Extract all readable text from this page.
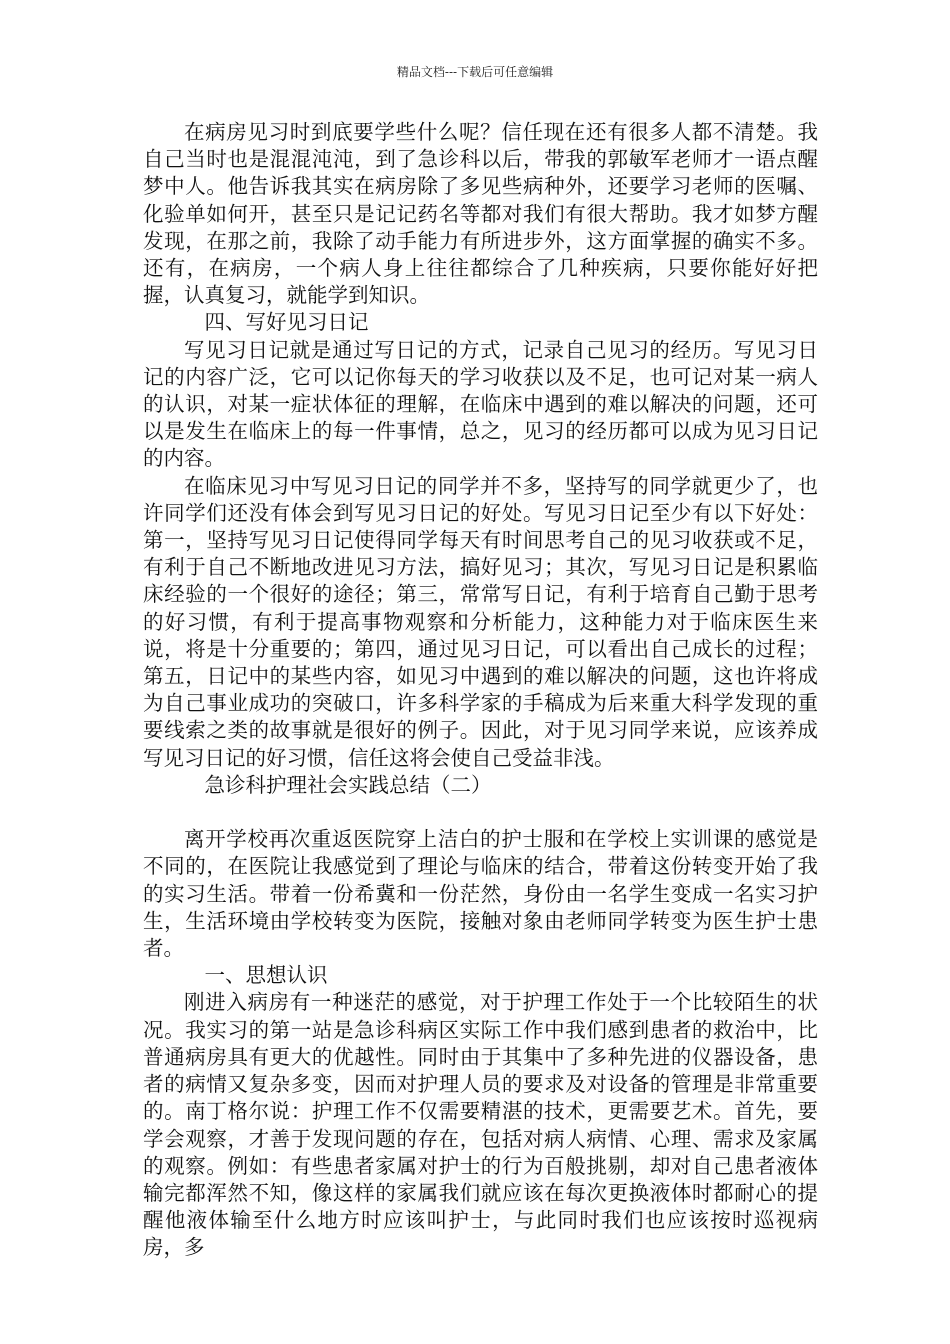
精品文档---下载后可任意编辑

在病房见习时到底要学些什么呢？信任现在还有很多人都不清楚。我自己当时也是混混沌沌，到了急诊科以后，带我的郭敏军老师才一语点醒梦中人。他告诉我其实在病房除了多见些病种外，还要学习老师的医嘱、化验单如何开，甚至只是记记药名等都对我们有很大帮助。我才如梦方醒发现，在那之前，我除了动手能力有所进步外，这方面掌握的确实不多。还有，在病房，一个病人身上往往都综合了几种疾病，只要你能好好把握，认真复习，就能学到知识。

四、写好见习日记

写见习日记就是通过写日记的方式，记录自己见习的经历。写见习日记的内容广泛，它可以记你每天的学习收获以及不足，也可记对某一病人的认识，对某一症状体征的理解，在临床中遇到的难以解决的问题，还可以是发生在临床上的每一件事情，总之，见习的经历都可以成为见习日记的内容。

在临床见习中写见习日记的同学并不多，坚持写的同学就更少了，也许同学们还没有体会到写见习日记的好处。写见习日记至少有以下好处：第一，坚持写见习日记使得同学每天有时间思考自己的见习收获或不足，有利于自己不断地改进见习方法，搞好见习；其次，写见习日记是积累临床经验的一个很好的途径；第三，常常写日记，有利于培育自己勤于思考的好习惯，有利于提高事物观察和分析能力，这种能力对于临床医生来说，将是十分重要的；第四，通过见习日记，可以看出自己成长的过程；第五，日记中的某些内容，如见习中遇到的难以解决的问题，这也许将成为自己事业成功的突破口，许多科学家的手稿成为后来重大科学发现的重要线索之类的故事就是很好的例子。因此，对于见习同学来说，应该养成写见习日记的好习惯，信任这将会使自己受益非浅。

急诊科护理社会实践总结（二）

离开学校再次重返医院穿上洁白的护士服和在学校上实训课的感觉是不同的，在医院让我感觉到了理论与临床的结合，带着这份转变开始了我的实习生活。带着一份希冀和一份茫然，身份由一名学生变成一名实习护生，生活环境由学校转变为医院，接触对象由老师同学转变为医生护士患者。

一、思想认识

刚进入病房有一种迷茫的感觉，对于护理工作处于一个比较陌生的状况。我实习的第一站是急诊科病区实际工作中我们感到患者的救治中，比普通病房具有更大的优越性。同时由于其集中了多种先进的仪器设备，患者的病情又复杂多变，因而对护理人员的要求及对设备的管理是非常重要的。南丁格尔说：护理工作不仅需要精湛的技术，更需要艺术。首先，要学会观察，才善于发现问题的存在，包括对病人病情、心理、需求及家属的观察。例如：有些患者家属对护士的行为百般挑剔，却对自己患者液体输完都浑然不知，像这样的家属我们就应该在每次更换液体时都耐心的提醒他液体输至什么地方时应该叫护士，与此同时我们也应该按时巡视病房，多
